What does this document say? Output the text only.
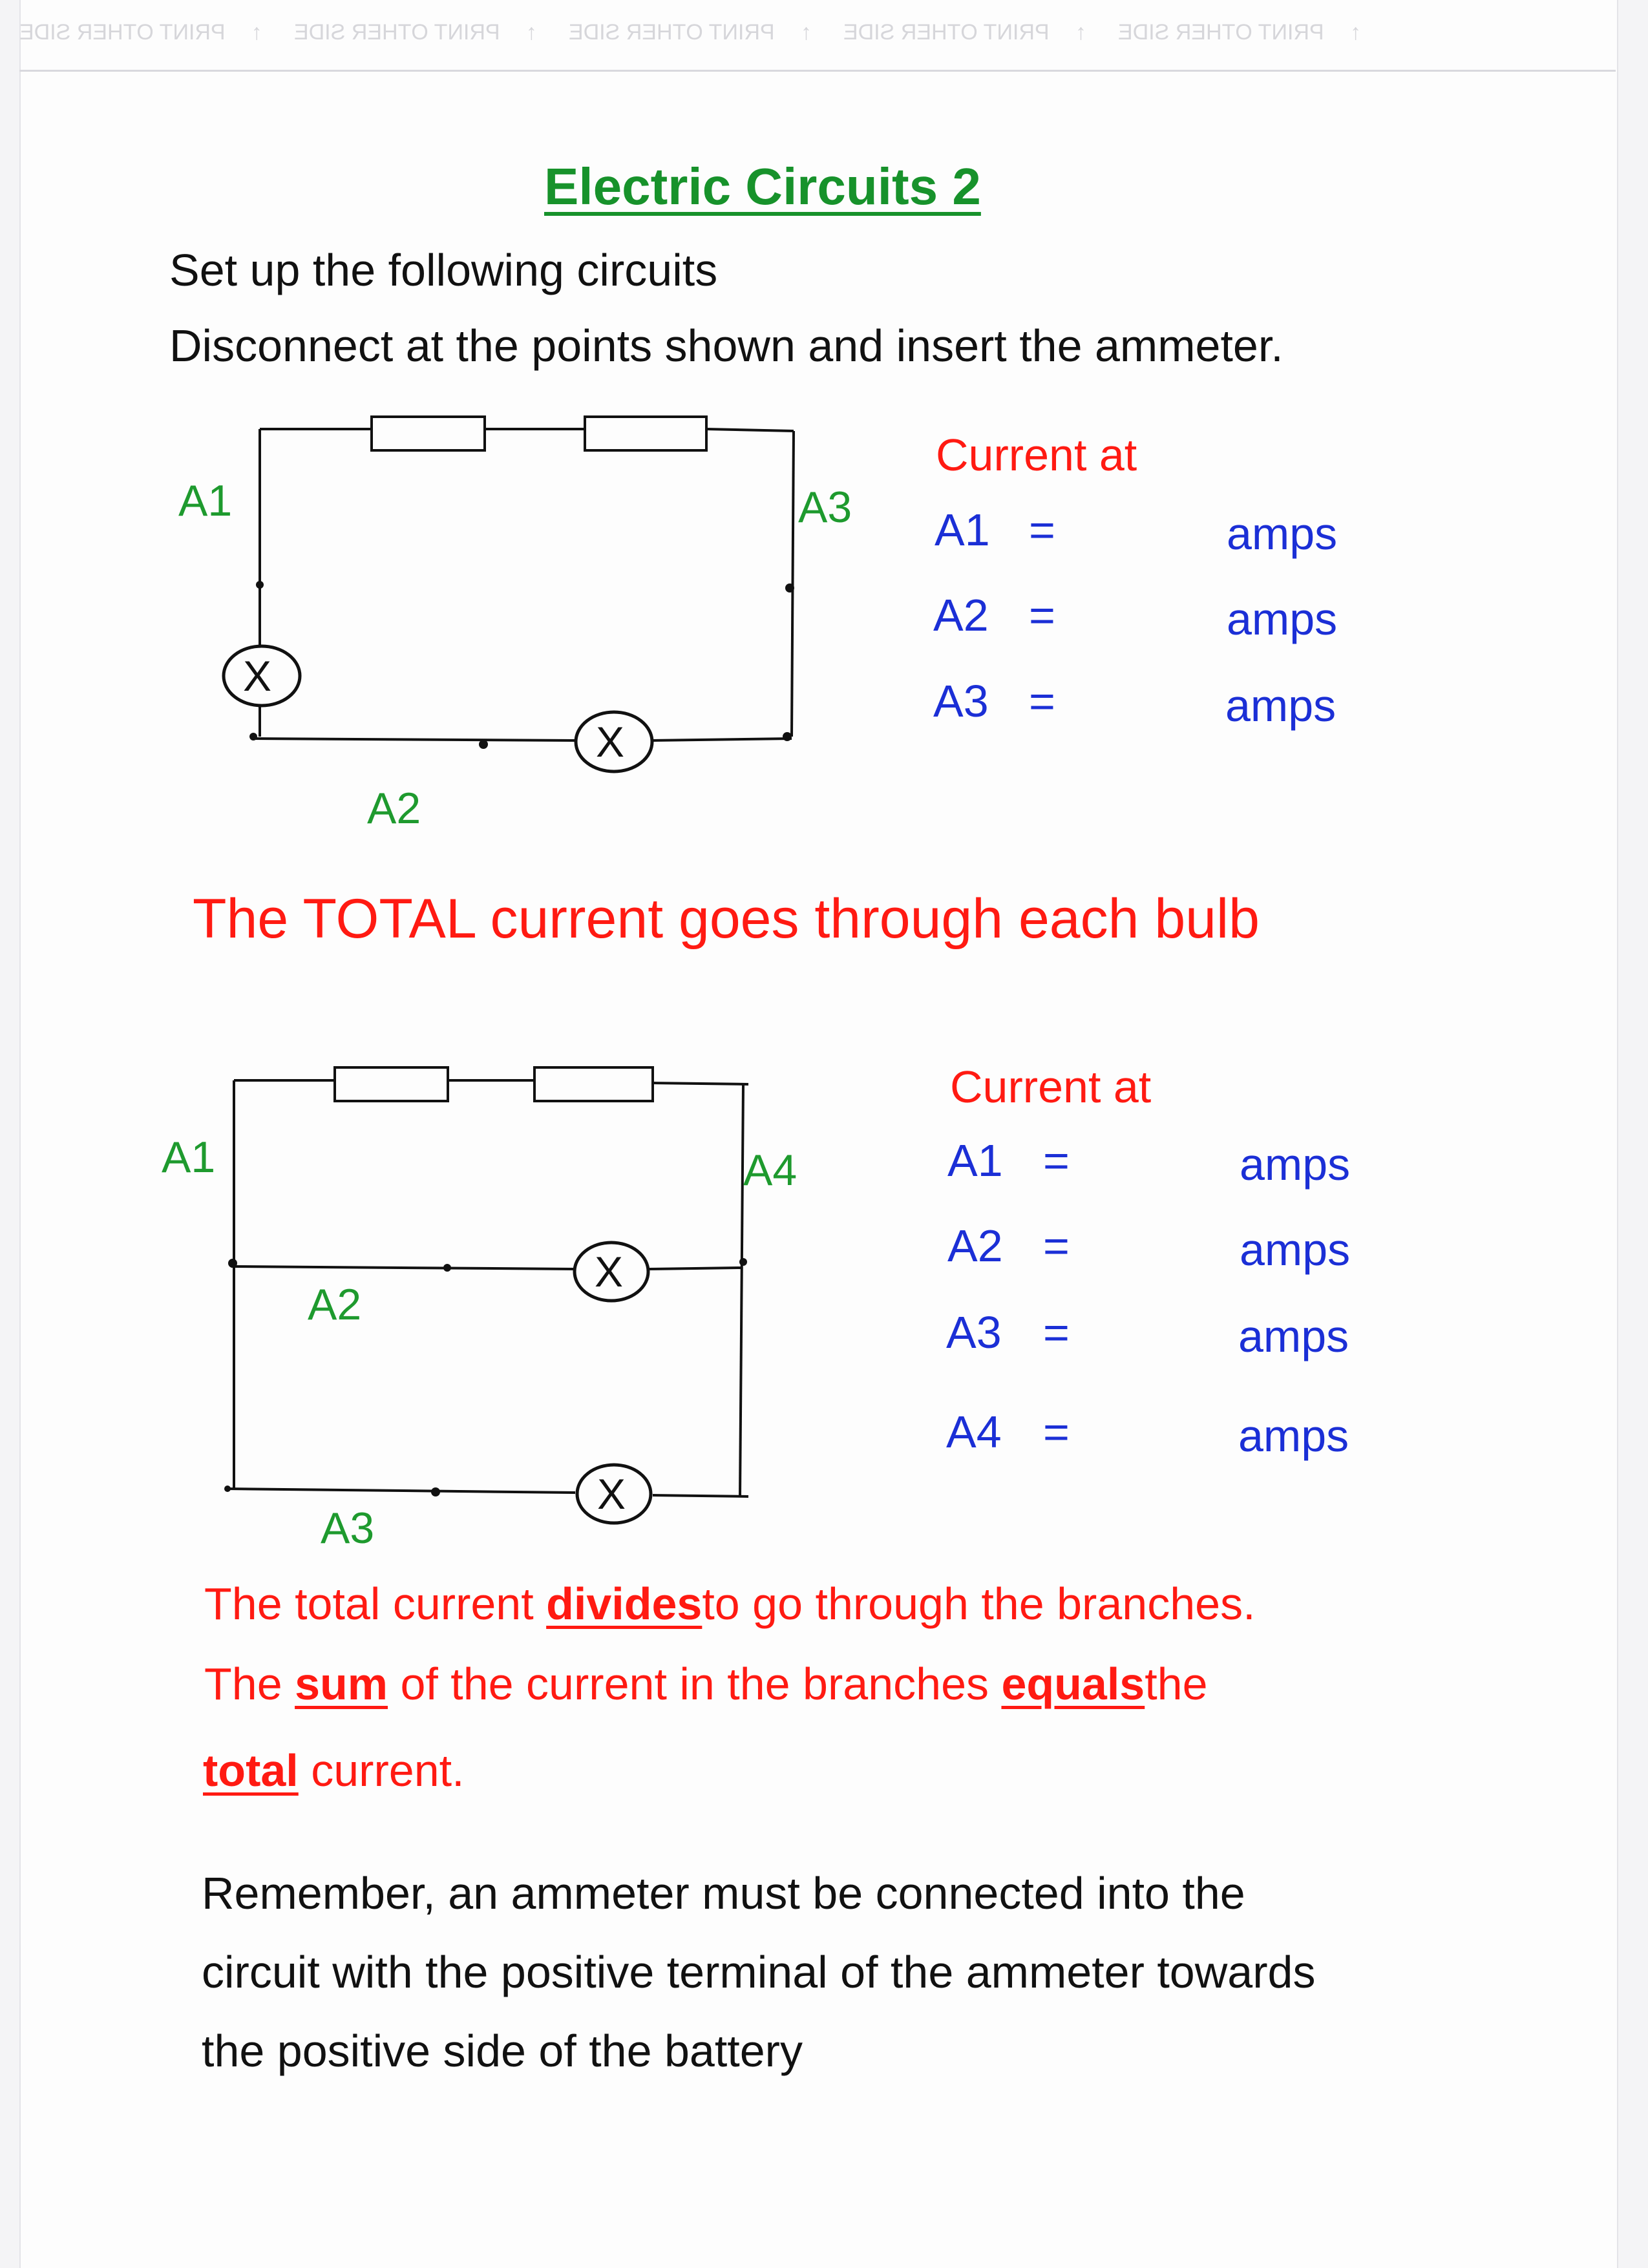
PRINT OTHER SIDE ↑ PRINT OTHER SIDE ↑ PRINT OTHER SIDE ↑ PRINT OTHER SIDE ↑ PRINT OTHER SIDE ↑
Electric Circuits 2
Set up the following circuits
Disconnect at the points shown and insert the ammeter.
X
X
X
X
A1	A3
A2
Current at
A1 =	amps
A2 =	amps
A3 =	amps
The TOTAL current goes through each bulb
A1	A4
A2
A3
Current at
A1 =	amps
A2 =	amps
A3 =	amps
A4 =	amps
The total current dividesto go through the branches.
The sum of the current in the branches equalsthe
total current.
Remember, an ammeter must be connected into the
circuit with the positive terminal of the ammeter towards
the positive side of the battery
